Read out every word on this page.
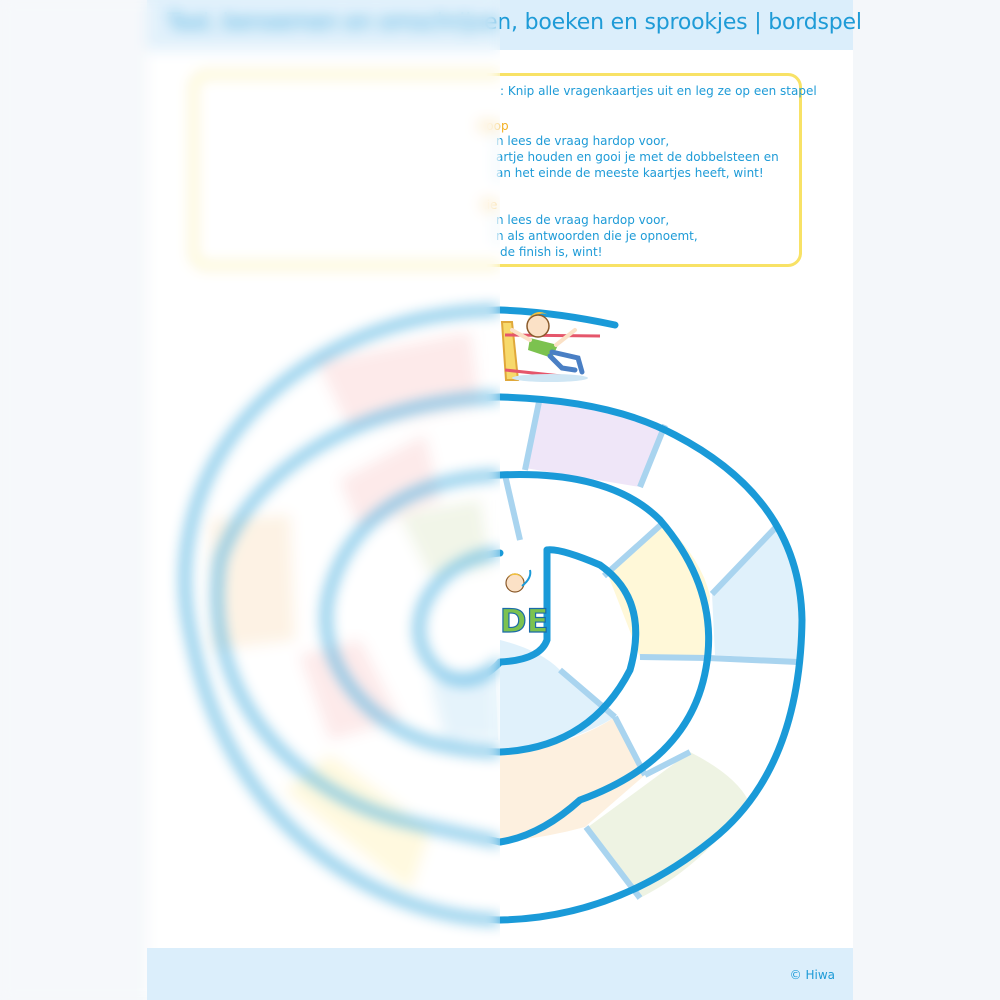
Taal, benoemen en omschrijven, boeken en sprookjes | bordspel
: Knip alle vragenkaartjes uit en leg ze op een stapel
rloop
n lees de vraag hardop voor,
artje houden en gooi je met de dobbelsteen en
an het einde de meeste kaartjes heeft, wint!
tie
n lees de vraag hardop voor,
n als antwoorden die je opnoemt,
de finish is, wint!
DE
© Hiwa
